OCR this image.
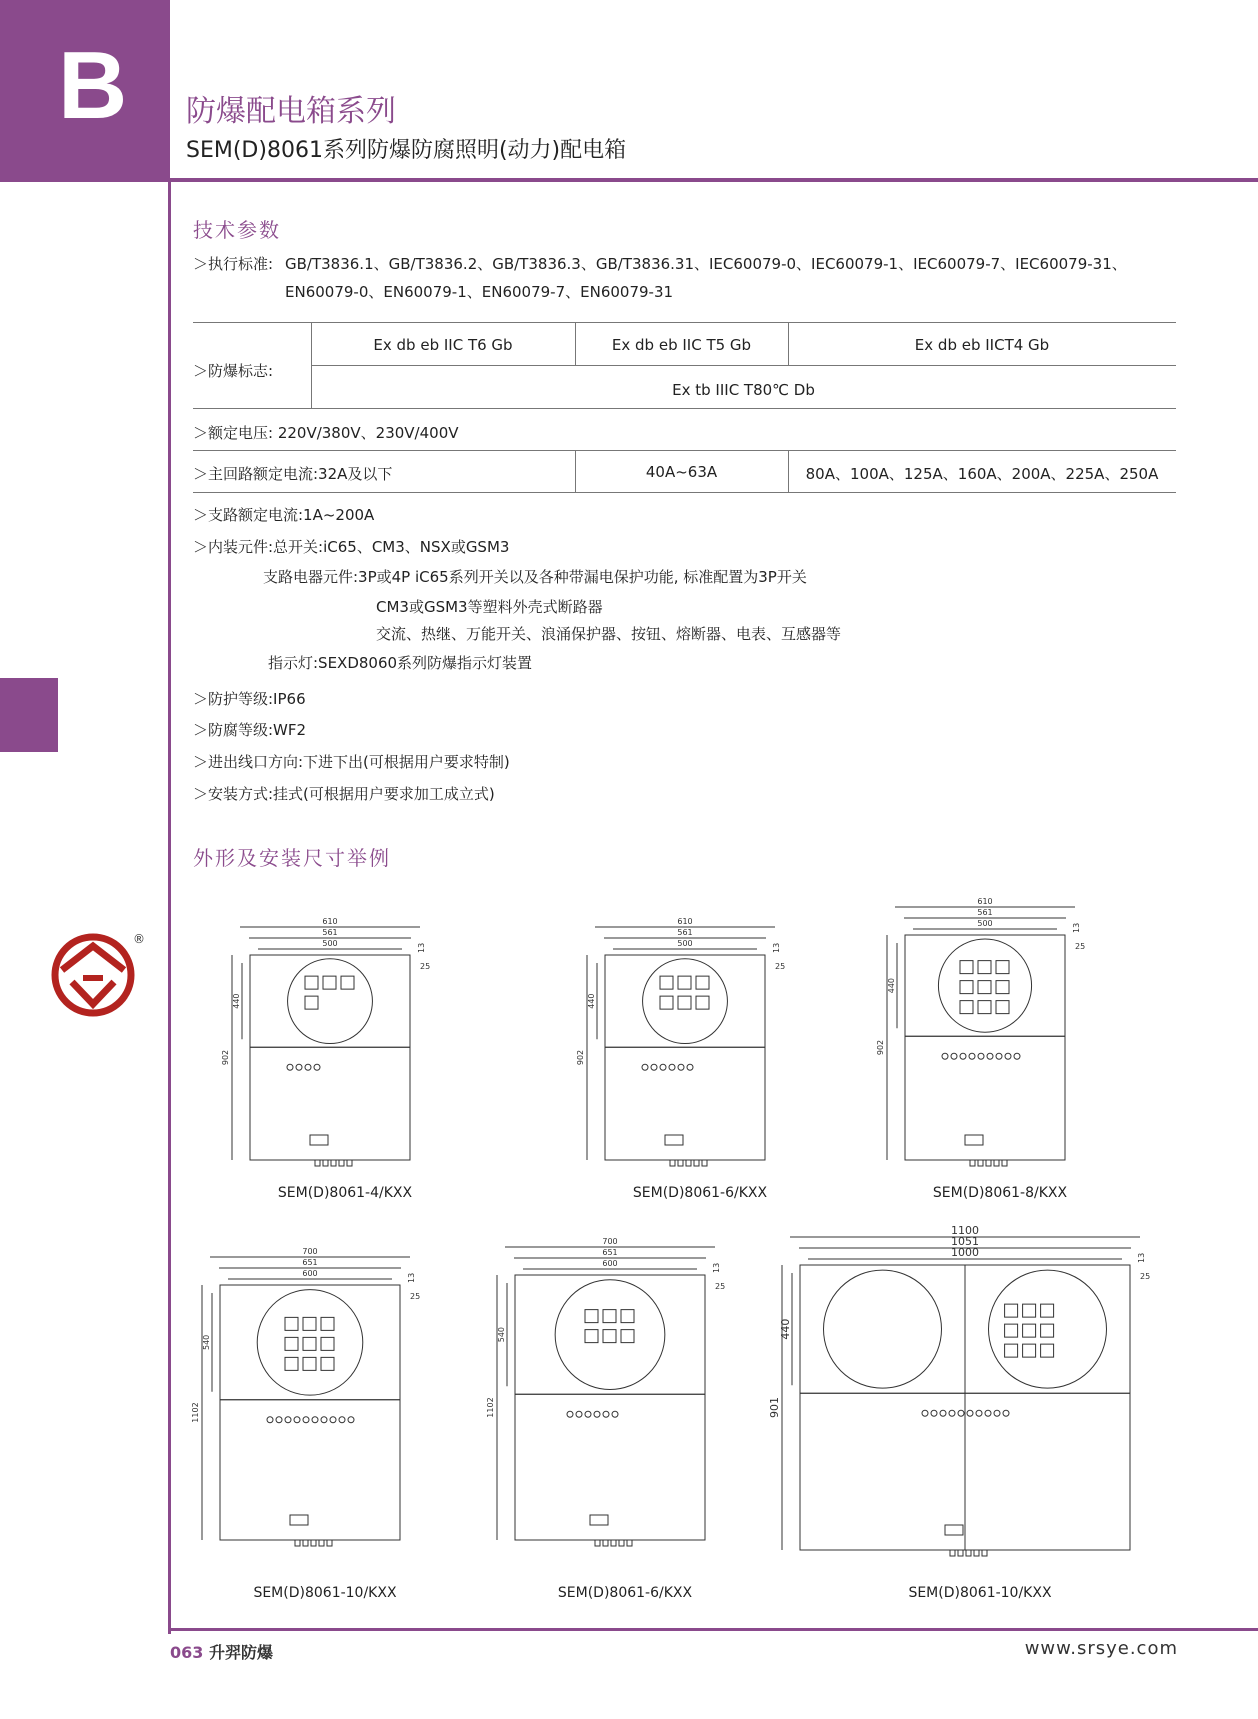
B 防爆配电箱系列
SEM(D)8061系列防爆防腐照明(动力)配电箱
®
技术参数
＞执行标准: GB/T3836.1、GB/T3836.2、GB/T3836.3、GB/T3836.31、IEC60079-0、IEC60079-1、IEC60079-7、IEC60079-31、
EN60079-0、EN60079-1、EN60079-7、EN60079-31
＞防爆标志:
Ex db eb IIC T6 Gb	Ex db eb IIC T5 Gb	Ex db eb IICT4 Gb
Ex tb IIIC T80℃ Db
＞额定电压: 220V/380V、230V/400V
＞主回路额定电流:32A及以下	40A~63A	80A、100A、125A、160A、200A、225A、250A
＞支路额定电流:1A~200A
＞内装元件:总开关:iC65、CM3、NSX或GSM3
支路电器元件:3P或4P iC65系列开关以及各种带漏电保护功能, 标准配置为3P开关
CM3或GSM3等塑料外壳式断路器
交流、热继、万能开关、浪涌保护器、按钮、熔断器、电表、互感器等
指示灯:SEXD8060系列防爆指示灯装置
＞防护等级:IP66
＞防腐等级:WF2
＞进出线口方向:下进下出(可根据用户要求特制)
＞安装方式:挂式(可根据用户要求加工成立式)
外形及安装尺寸举例
610
561
500
902
440
13
25
SEM(D)8061-4/KXX
610
561
500
902
440
13
25
SEM(D)8061-6/KXX
610
561
500
902
440
13
25
SEM(D)8061-8/KXX
700
651
600
1102
540
13
25
SEM(D)8061-10/KXX
700
651
600
1102
540
13
25
SEM(D)8061-6/KXX
1100
1051
1000
901
440
13
25
SEM(D)8061-10/KXX
063 升羿防爆	www.srsye.com
